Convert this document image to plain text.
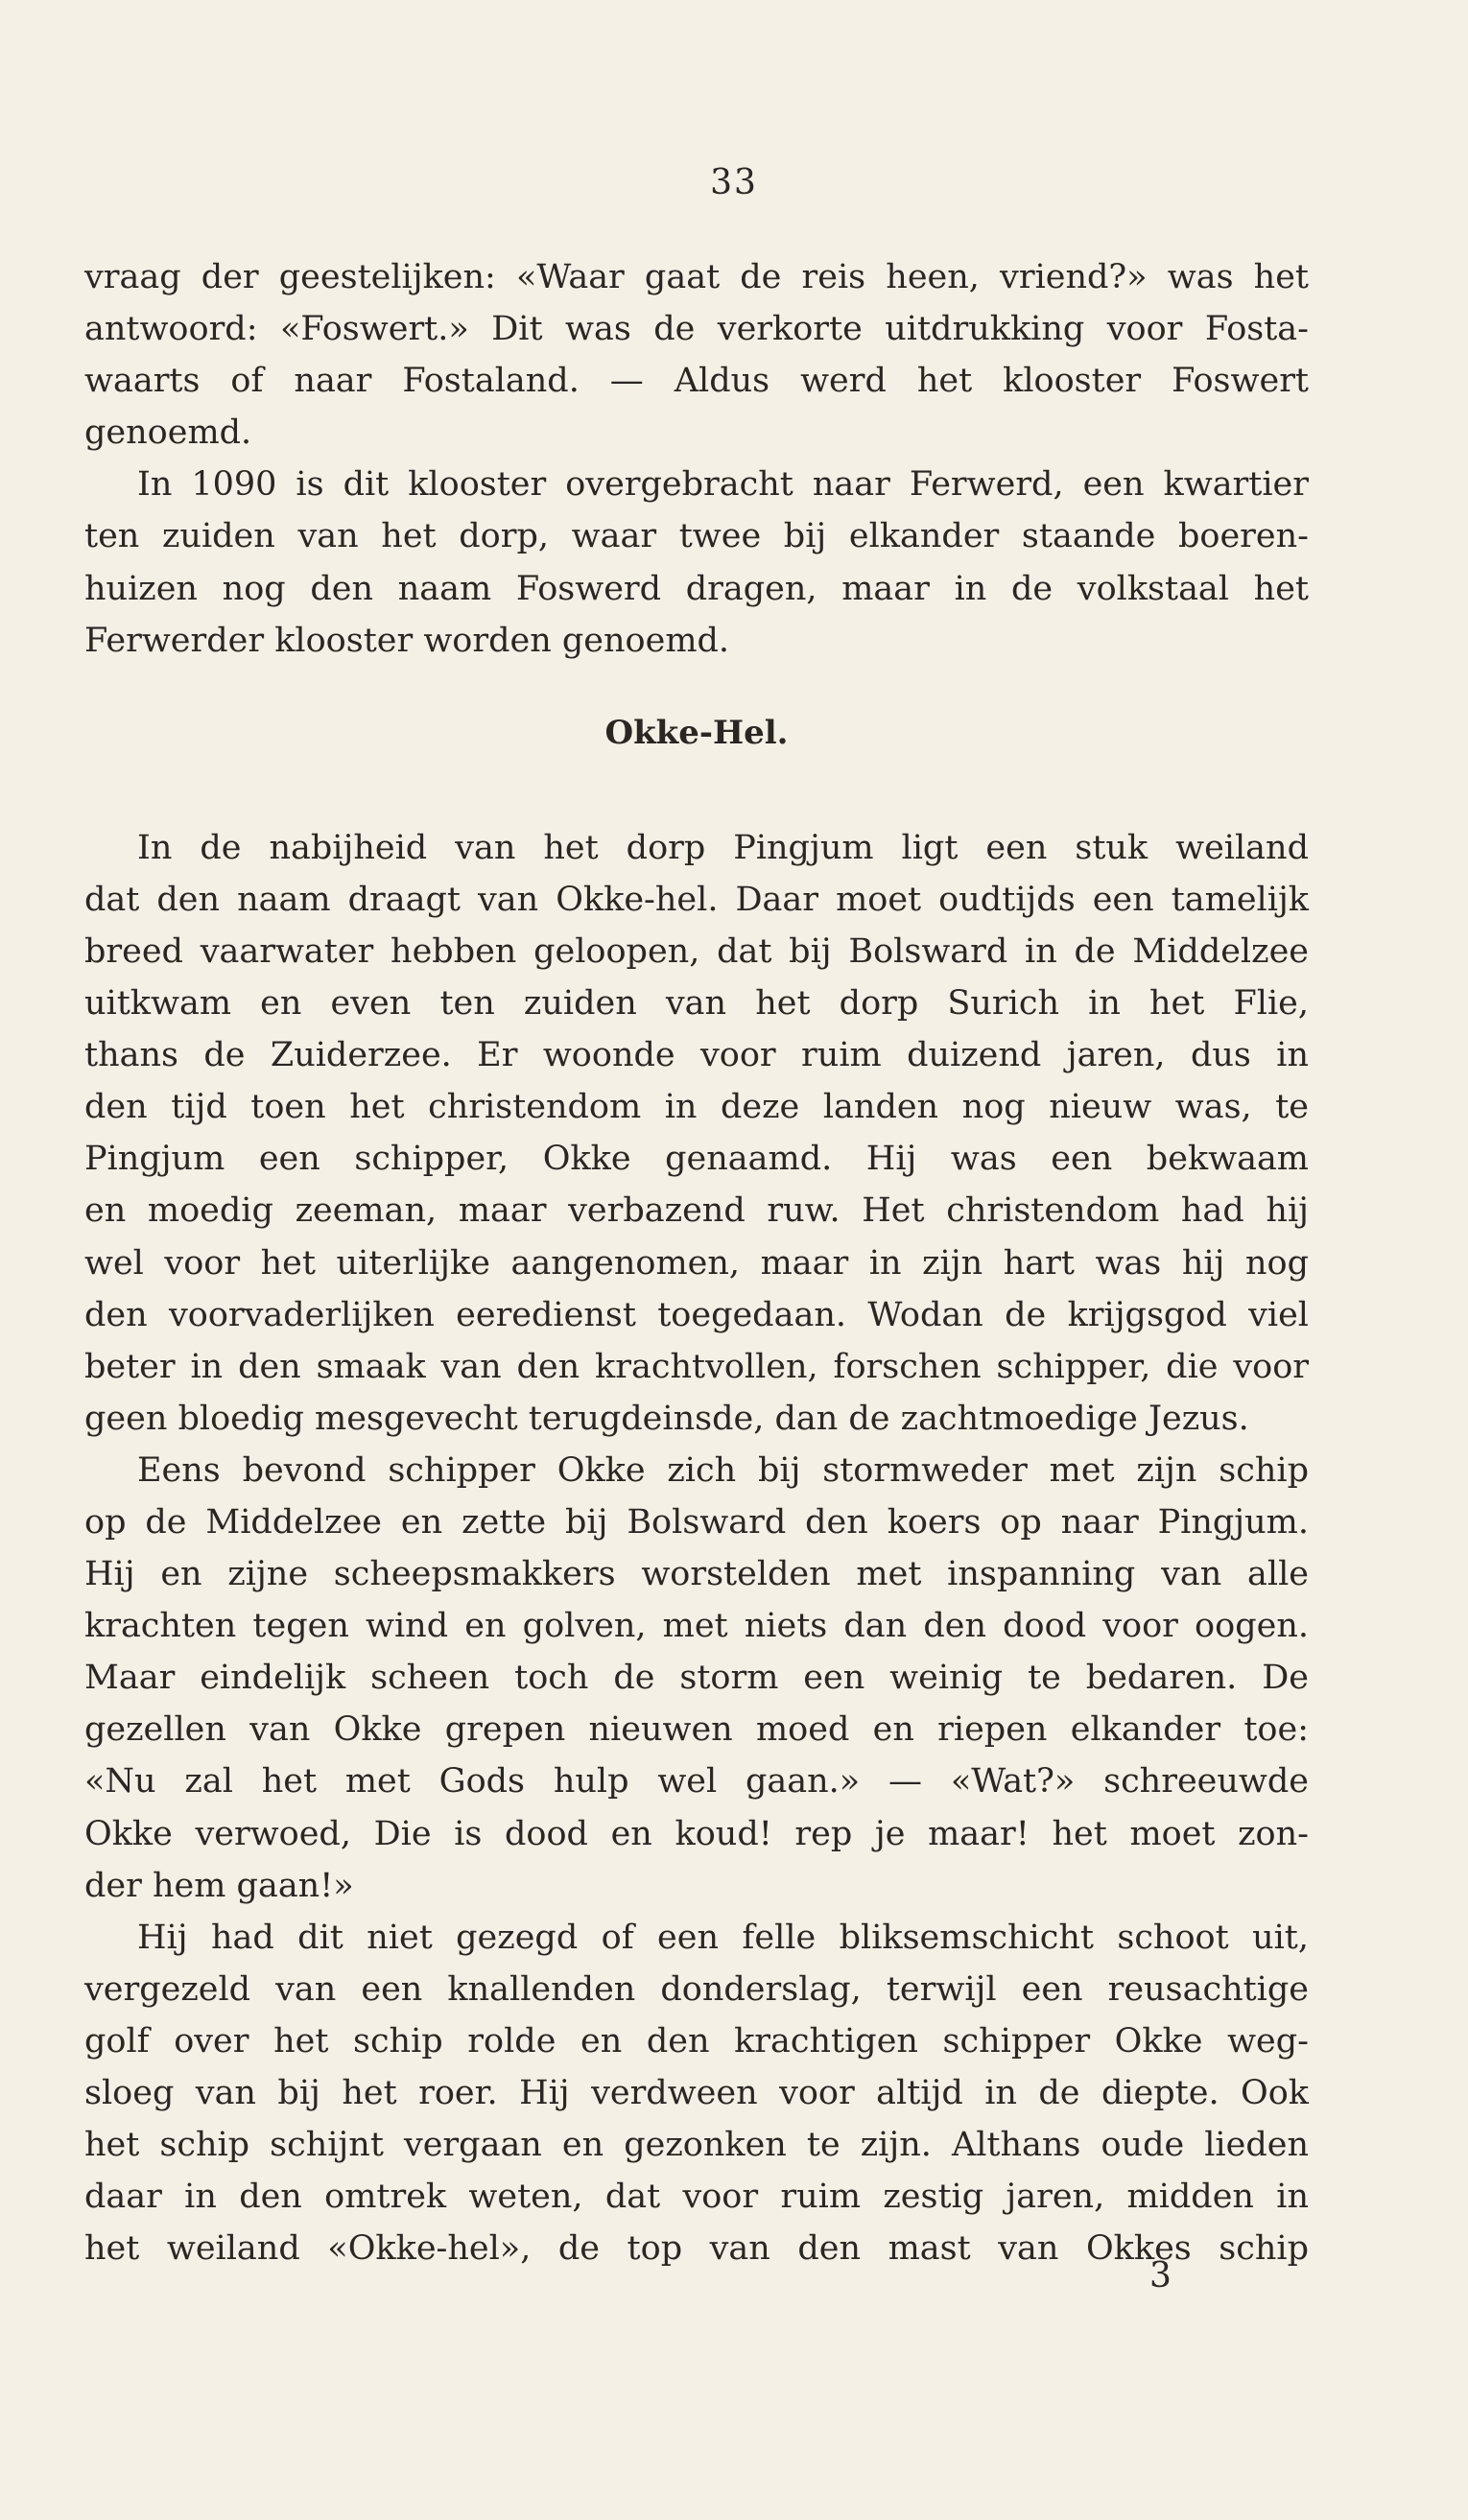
33
vraag der geestelijken: «Waar gaat de reis heen, vriend?» was het
antwoord: «Foswert.» Dit was de verkorte uitdrukking voor Fosta-
waarts of naar Fostaland. — Aldus werd het klooster Foswert
genoemd.
In 1090 is dit klooster overgebracht naar Ferwerd, een kwartier
ten zuiden van het dorp, waar twee bij elkander staande boeren-
huizen nog den naam Foswerd dragen, maar in de volkstaal het
Ferwerder klooster worden genoemd.
Okke-Hel.
In de nabijheid van het dorp Pingjum ligt een stuk weiland
dat den naam draagt van Okke-hel. Daar moet oudtijds een tamelijk
breed vaarwater hebben geloopen, dat bij Bolsward in de Middelzee
uitkwam en even ten zuiden van het dorp Surich in het Flie,
thans de Zuiderzee. Er woonde voor ruim duizend jaren, dus in
den tijd toen het christendom in deze landen nog nieuw was, te
Pingjum een schipper, Okke genaamd. Hij was een bekwaam
en moedig zeeman, maar verbazend ruw. Het christendom had hij
wel voor het uiterlijke aangenomen, maar in zijn hart was hij nog
den voorvaderlijken eeredienst toegedaan. Wodan de krijgsgod viel
beter in den smaak van den krachtvollen, forschen schipper, die voor
geen bloedig mesgevecht terugdeinsde, dan de zachtmoedige Jezus.
Eens bevond schipper Okke zich bij stormweder met zijn schip
op de Middelzee en zette bij Bolsward den koers op naar Pingjum.
Hij en zijne scheepsmakkers worstelden met inspanning van alle
krachten tegen wind en golven, met niets dan den dood voor oogen.
Maar eindelijk scheen toch de storm een weinig te bedaren. De
gezellen van Okke grepen nieuwen moed en riepen elkander toe:
«Nu zal het met Gods hulp wel gaan.» — «Wat?» schreeuwde
Okke verwoed, Die is dood en koud! rep je maar! het moet zon-
der hem gaan!»
Hij had dit niet gezegd of een felle bliksemschicht schoot uit,
vergezeld van een knallenden donderslag, terwijl een reusachtige
golf over het schip rolde en den krachtigen schipper Okke weg-
sloeg van bij het roer. Hij verdween voor altijd in de diepte. Ook
het schip schijnt vergaan en gezonken te zijn. Althans oude lieden
daar in den omtrek weten, dat voor ruim zestig jaren, midden in
het weiland «Okke-hel», de top van den mast van Okkes schip
3
